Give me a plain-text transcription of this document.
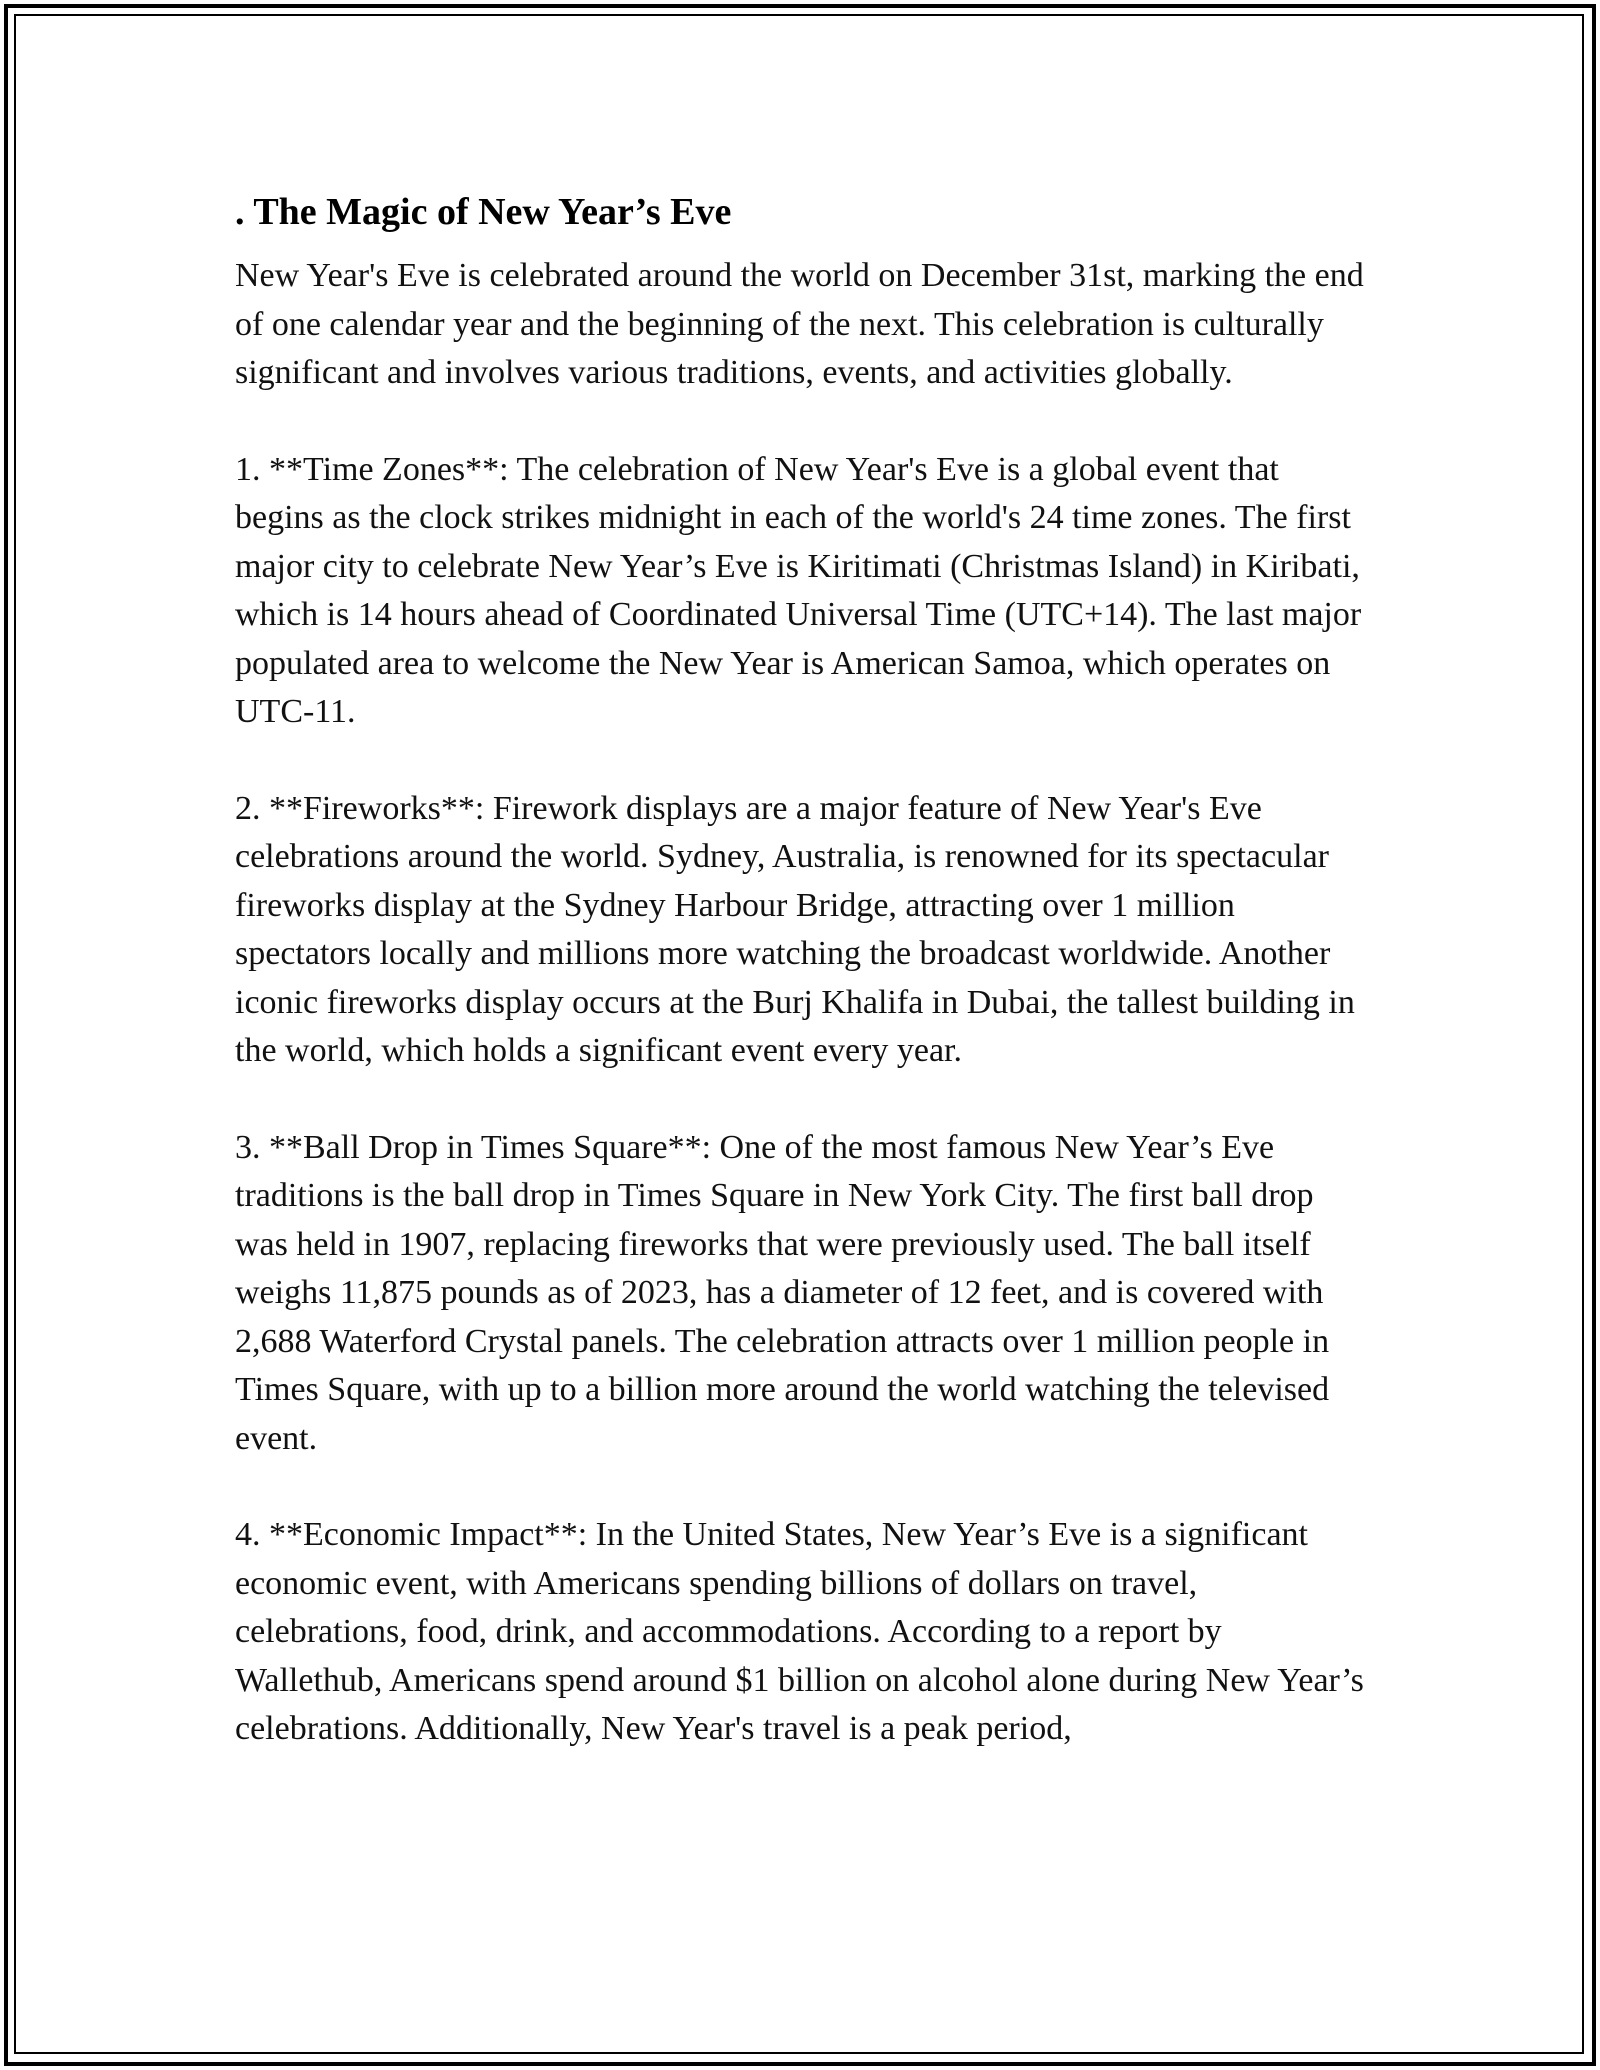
. The Magic of New Year’s Eve

New Year's Eve is celebrated around the world on December 31st, marking the end of one calendar year and the beginning of the next. This celebration is culturally significant and involves various traditions, events, and activities globally.

1. **Time Zones**: The celebration of New Year's Eve is a global event that begins as the clock strikes midnight in each of the world's 24 time zones. The first major city to celebrate New Year’s Eve is Kiritimati (Christmas Island) in Kiribati, which is 14 hours ahead of Coordinated Universal Time (UTC+14). The last major populated area to welcome the New Year is American Samoa, which operates on UTC-11.

2. **Fireworks**: Firework displays are a major feature of New Year's Eve celebrations around the world. Sydney, Australia, is renowned for its spectacular fireworks display at the Sydney Harbour Bridge, attracting over 1 million spectators locally and millions more watching the broadcast worldwide. Another iconic fireworks display occurs at the Burj Khalifa in Dubai, the tallest building in the world, which holds a significant event every year.

3. **Ball Drop in Times Square**: One of the most famous New Year’s Eve traditions is the ball drop in Times Square in New York City. The first ball drop was held in 1907, replacing fireworks that were previously used. The ball itself weighs 11,875 pounds as of 2023, has a diameter of 12 feet, and is covered with 2,688 Waterford Crystal panels. The celebration attracts over 1 million people in Times Square, with up to a billion more around the world watching the televised event.

4. **Economic Impact**: In the United States, New Year’s Eve is a significant economic event, with Americans spending billions of dollars on travel, celebrations, food, drink, and accommodations. According to a report by Wallethub, Americans spend around $1 billion on alcohol alone during New Year’s celebrations. Additionally, New Year's travel is a peak period,
